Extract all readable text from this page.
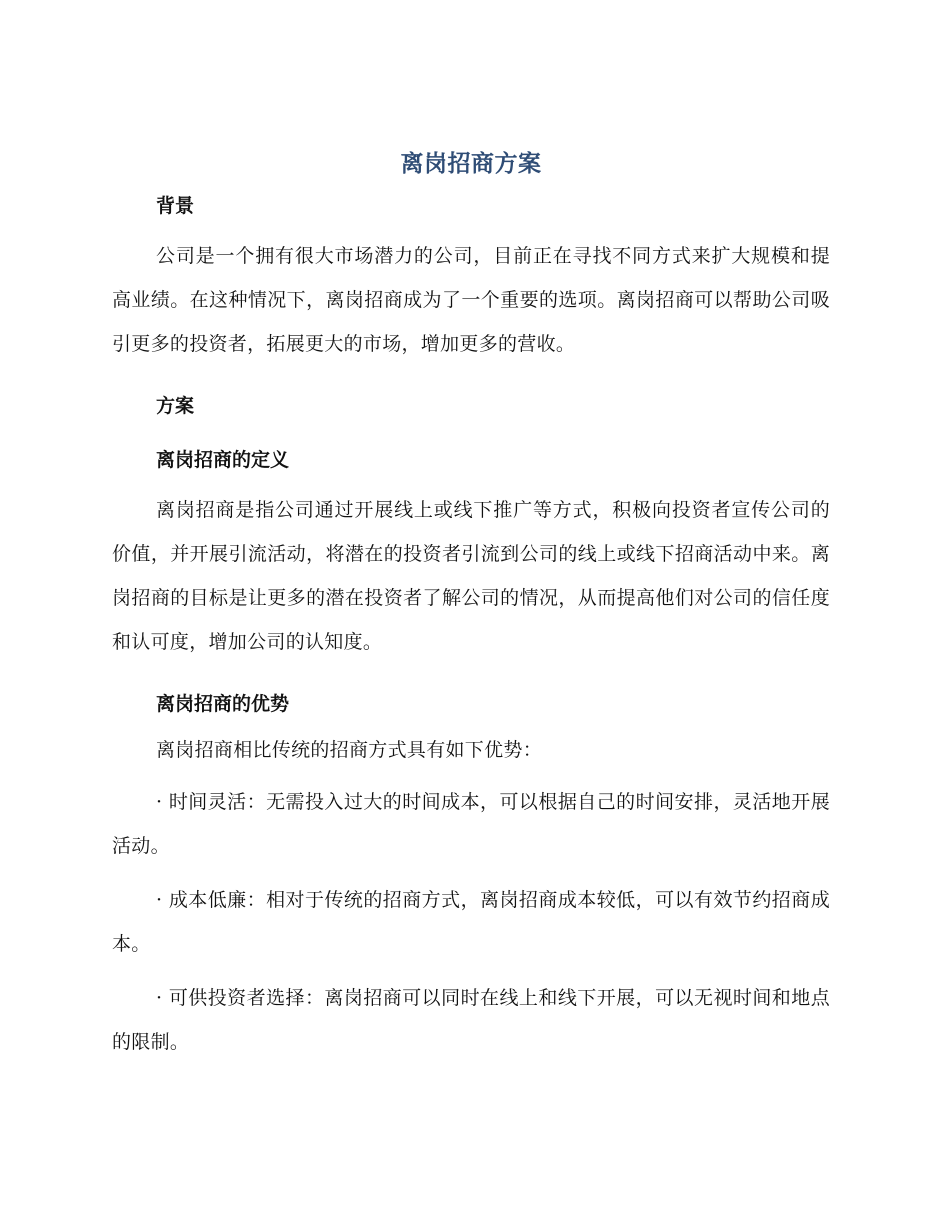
离岗招商方案
背景

公司是一个拥有很大市场潜力的公司，目前正在寻找不同方式来扩大规模和提高业绩。在这种情况下，离岗招商成为了一个重要的选项。离岗招商可以帮助公司吸引更多的投资者，拓展更大的市场，增加更多的营收。

方案
离岗招商的定义

离岗招商是指公司通过开展线上或线下推广等方式，积极向投资者宣传公司的价值，并开展引流活动，将潜在的投资者引流到公司的线上或线下招商活动中来。离岗招商的目标是让更多的潜在投资者了解公司的情况，从而提高他们对公司的信任度和认可度，增加公司的认知度。

离岗招商的优势

离岗招商相比传统的招商方式具有如下优势：

· 时间灵活：无需投入过大的时间成本，可以根据自己的时间安排，灵活地开展活动。

· 成本低廉：相对于传统的招商方式，离岗招商成本较低，可以有效节约招商成本。

· 可供投资者选择：离岗招商可以同时在线上和线下开展，可以无视时间和地点的限制。
